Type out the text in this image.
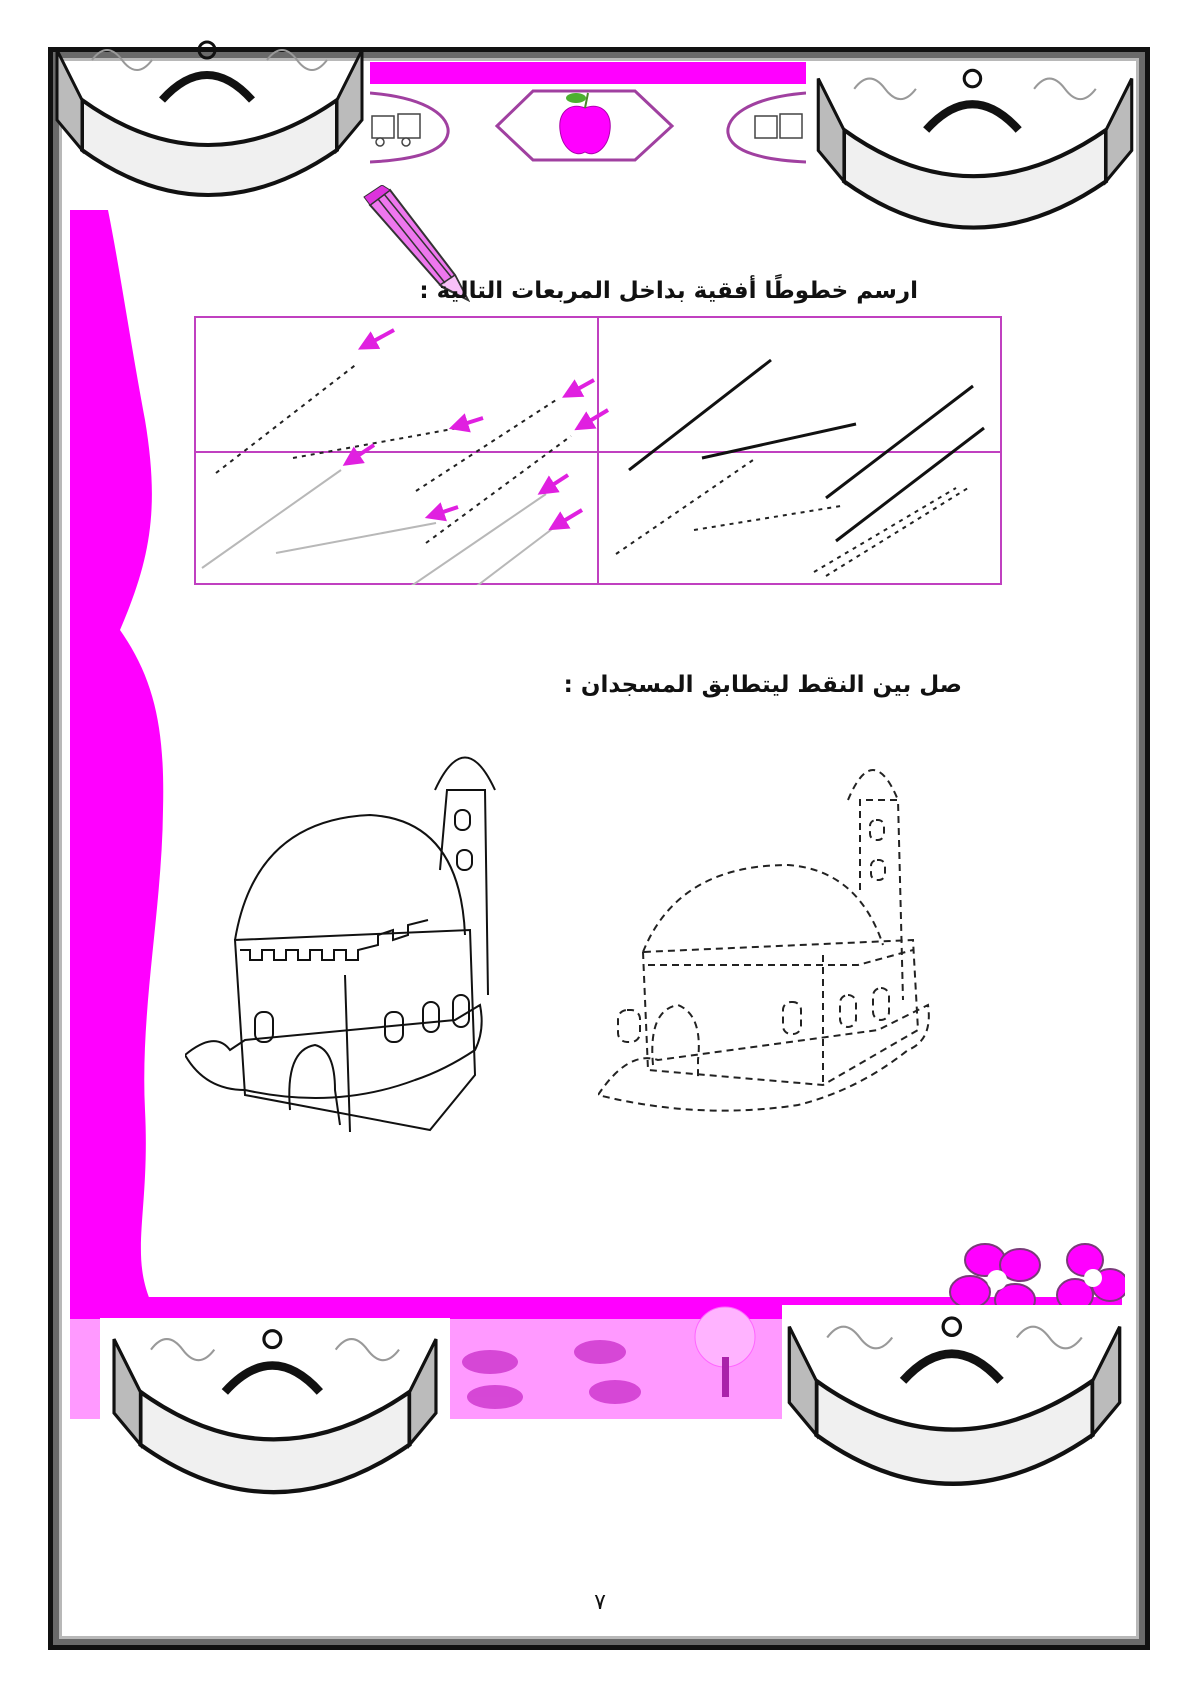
ارسم خطوطًا أفقية بداخل المربعات التالية :
صل بين النقط ليتطابق المسجدان :
٧
